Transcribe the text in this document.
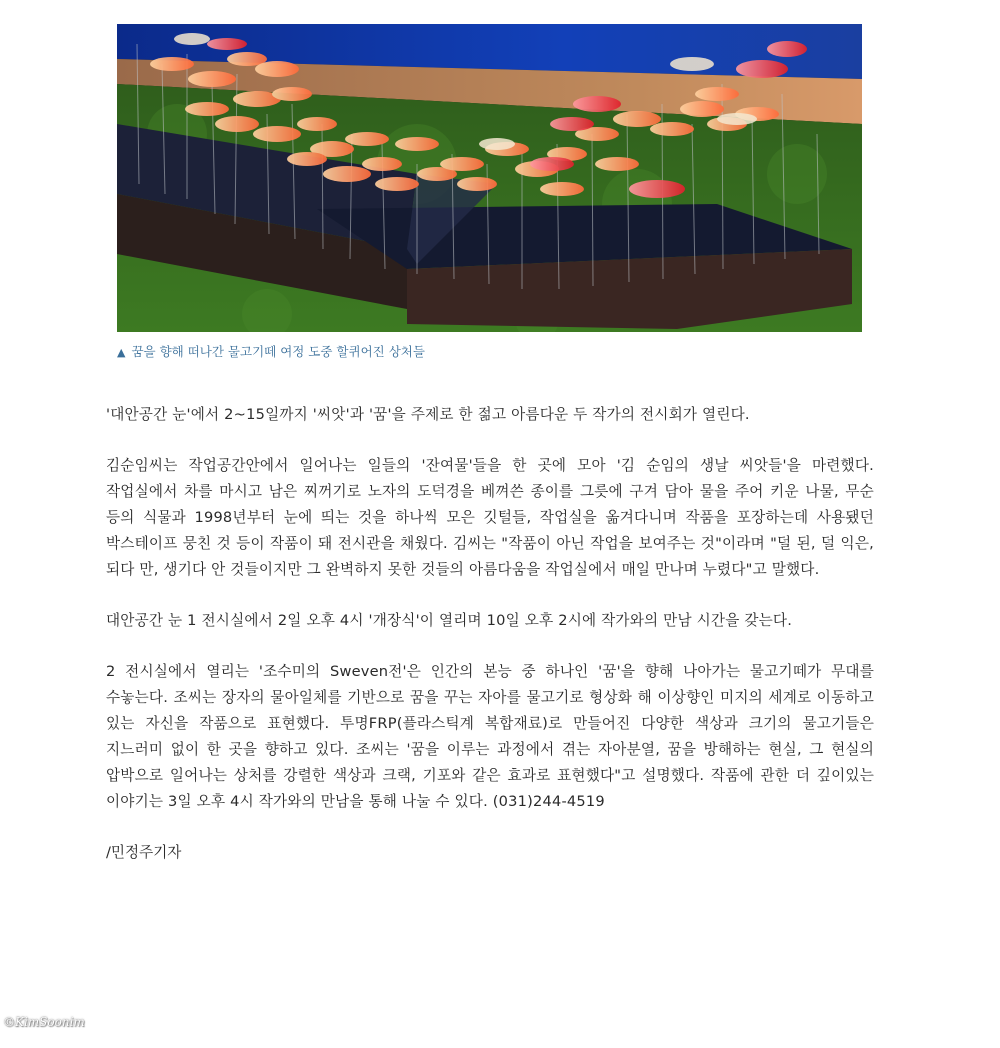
▲ 꿈을 향해 떠나간 물고기떼 여정 도중 할퀴어진 상처들

'대안공간 눈'에서 2~15일까지 '씨앗'과 '꿈'을 주제로 한 젊고 아름다운 두 작가의 전시회가 열린다.

김순임씨는 작업공간안에서 일어나는 일들의 '잔여물'들을 한 곳에 모아 '김 순임의 생날 씨앗들'을 마련했다. 작업실에서 차를 마시고 남은 찌꺼기로 노자의 도덕경을 베껴쓴 종이를 그릇에 구겨 담아 물을 주어 키운 나물, 무순 등의 식물과 1998년부터 눈에 띄는 것을 하나씩 모은 깃털들, 작업실을 옮겨다니며 작품을 포장하는데 사용됐던 박스테이프 뭉친 것 등이 작품이 돼 전시관을 채웠다. 김씨는 "작품이 아닌 작업을 보여주는 것"이라며 "덜 된, 덜 익은, 되다 만, 생기다 안 것들이지만 그 완벽하지 못한 것들의 아름다움을 작업실에서 매일 만나며 누렸다"고 말했다.

대안공간 눈 1 전시실에서 2일 오후 4시 '개장식'이 열리며 10일 오후 2시에 작가와의 만남 시간을 갖는다.

2 전시실에서 열리는 '조수미의 Sweven전'은 인간의 본능 중 하나인 '꿈'을 향해 나아가는 물고기떼가 무대를 수놓는다. 조씨는 장자의 물아일체를 기반으로 꿈을 꾸는 자아를 물고기로 형상화 해 이상향인 미지의 세계로 이동하고 있는 자신을 작품으로 표현했다. 투명FRP(플라스틱계 복합재료)로 만들어진 다양한 색상과 크기의 물고기들은 지느러미 없이 한 곳을 향하고 있다. 조씨는 '꿈을 이루는 과정에서 겪는 자아분열, 꿈을 방해하는 현실, 그 현실의 압박으로 일어나는 상처를 강렬한 색상과 크랙, 기포와 같은 효과로 표현했다"고 설명했다. 작품에 관한 더 깊이있는 이야기는 3일 오후 4시 작가와의 만남을 통해 나눌 수 있다. (031)244-4519

/민정주기자

©KimSoonim
